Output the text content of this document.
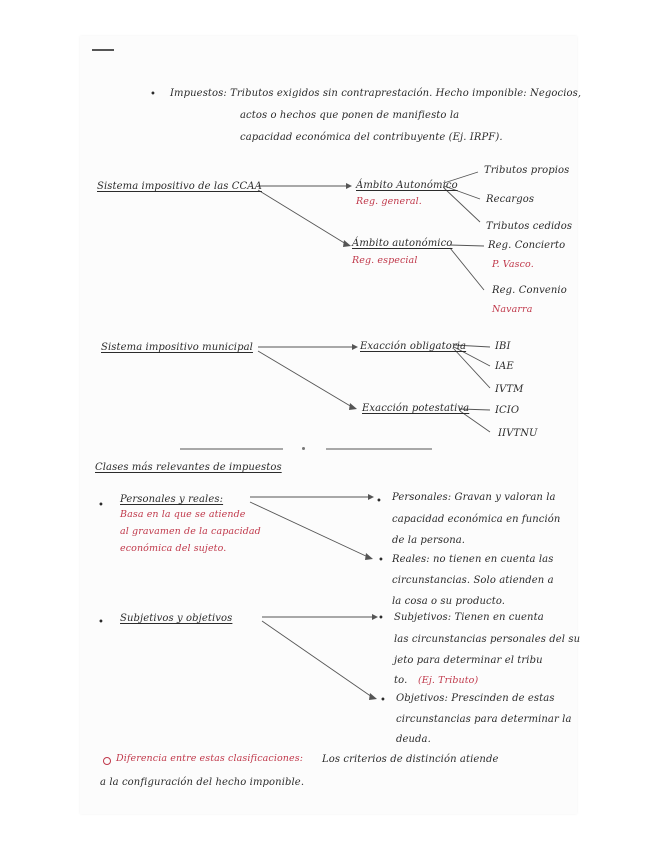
• Impuestos: Tributos exigidos sin contraprestación. Hecho imponible: Negocios,
actos o hechos que ponen de manifiesto la
capacidad económica del contribuyente (Ej. IRPF).
Sistema impositivo de las CCAA	Ámbito Autonómico
Reg. general.
Ámbito autonómico
Reg. especial
Tributos propios
Recargos
Tributos cedidos
Reg. Concierto
P. Vasco.
Reg. Convenio
Navarra
Sistema impositivo municipal	Exacción obligatoria
Exacción potestativa
IBI
IAE
IVTM
ICIO
IIVTNU
Clases más relevantes de impuestos
•
Personales y reales:
Basa en la que se atiende
al gravamen de la capacidad
económica del sujeto.
• Subjetivos y objetivos
• Personales: Gravan y valoran la
capacidad económica en función
de la persona.
• Reales: no tienen en cuenta las
circunstancias. Solo atienden a
la cosa o su producto.
• Subjetivos: Tienen en cuenta
las circunstancias personales del su
jeto para determinar el tribu
to. (Ej. Tributo)
• Objetivos: Prescinden de estas
circunstancias para determinar la
deuda.
Diferencia entre estas clasificaciones: Los criterios de distinción atiende
a la configuración del hecho imponible.
